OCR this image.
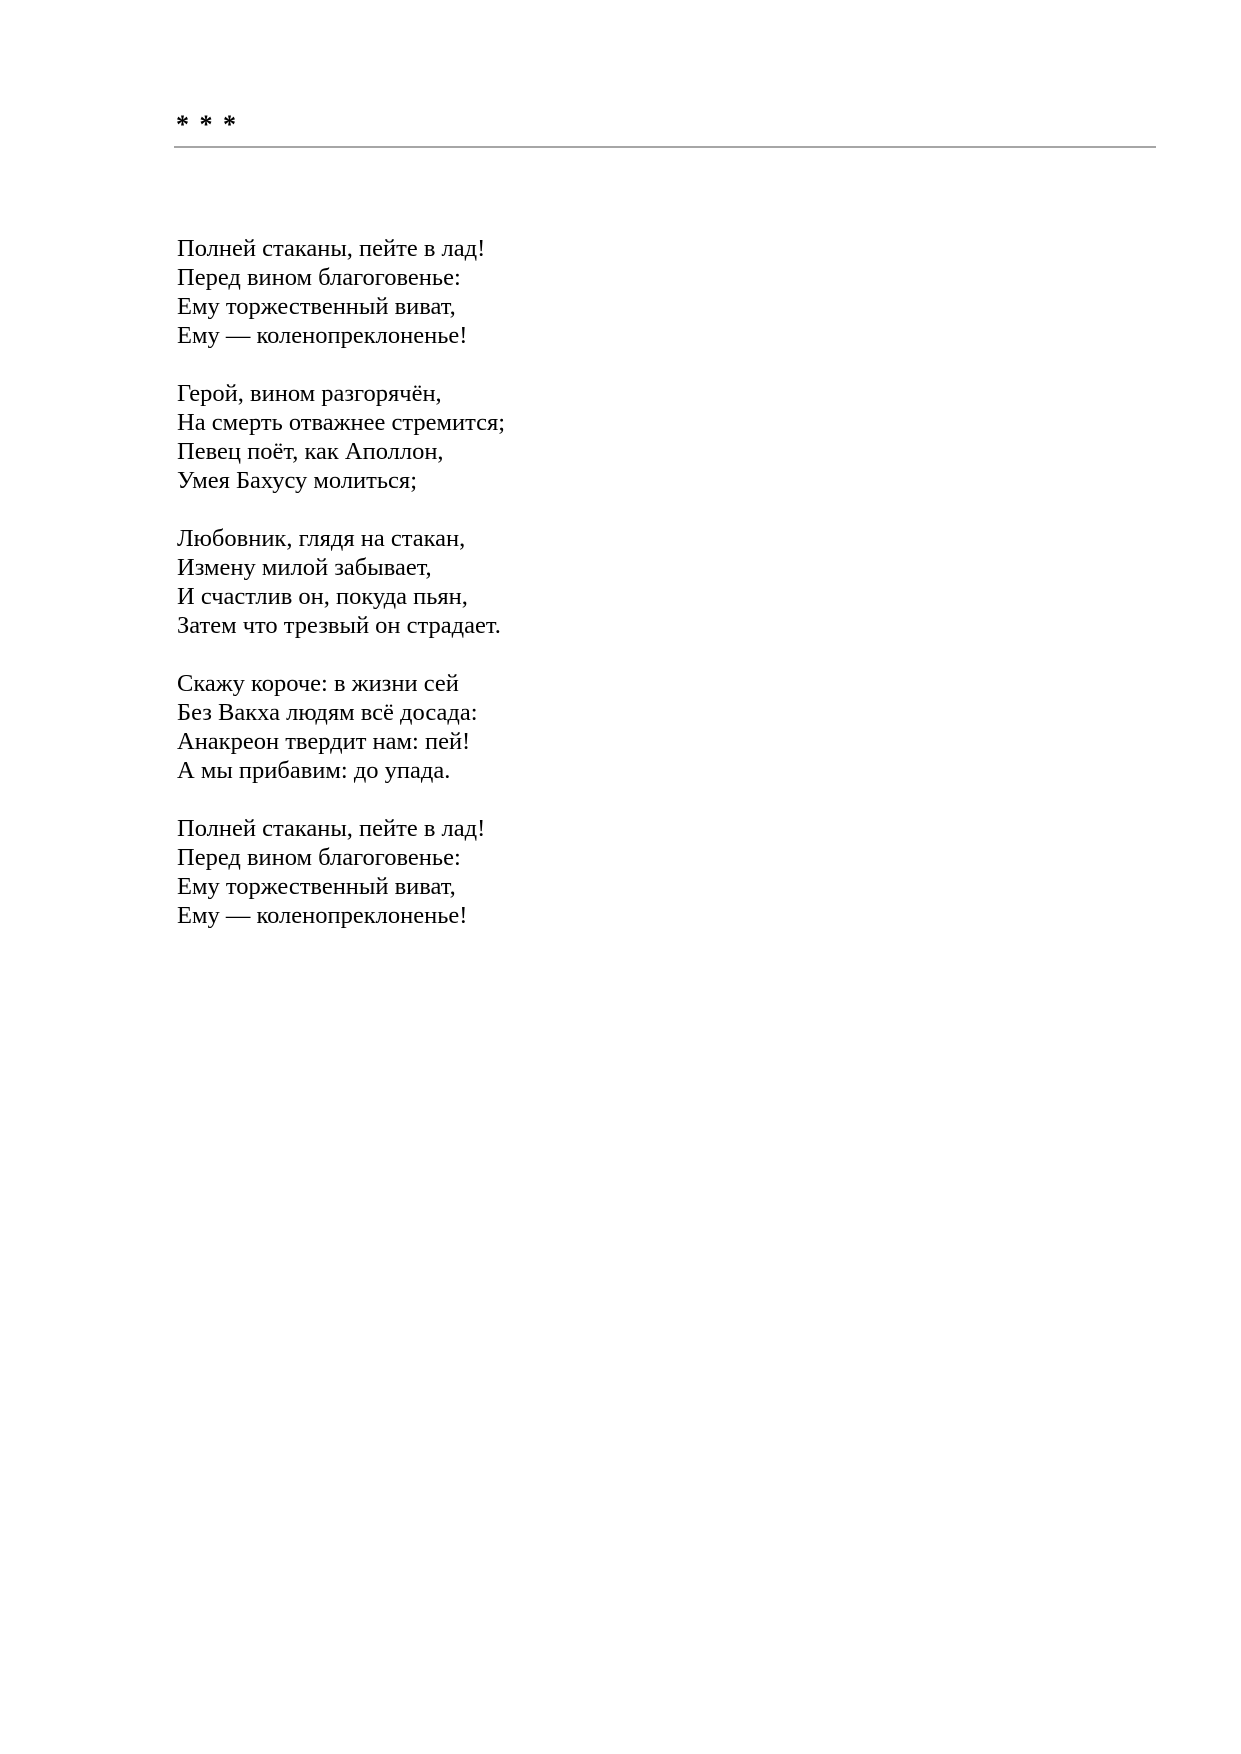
* * *
Полней стаканы, пейте в лад!
Перед вином благоговенье:
Ему торжественный виват,
Ему — коленопреклоненье!
Герой, вином разгорячён,
На смерть отважнее стремится;
Певец поёт, как Аполлон,
Умея Бахусу молиться;
Любовник, глядя на стакан,
Измену милой забывает,
И счастлив он, покуда пьян,
Затем что трезвый он страдает.
Скажу короче: в жизни сей
Без Вакха людям всё досада:
Анакреон твердит нам: пей!
А мы прибавим: до упада.
Полней стаканы, пейте в лад!
Перед вином благоговенье:
Ему торжественный виват,
Ему — коленопреклоненье!
